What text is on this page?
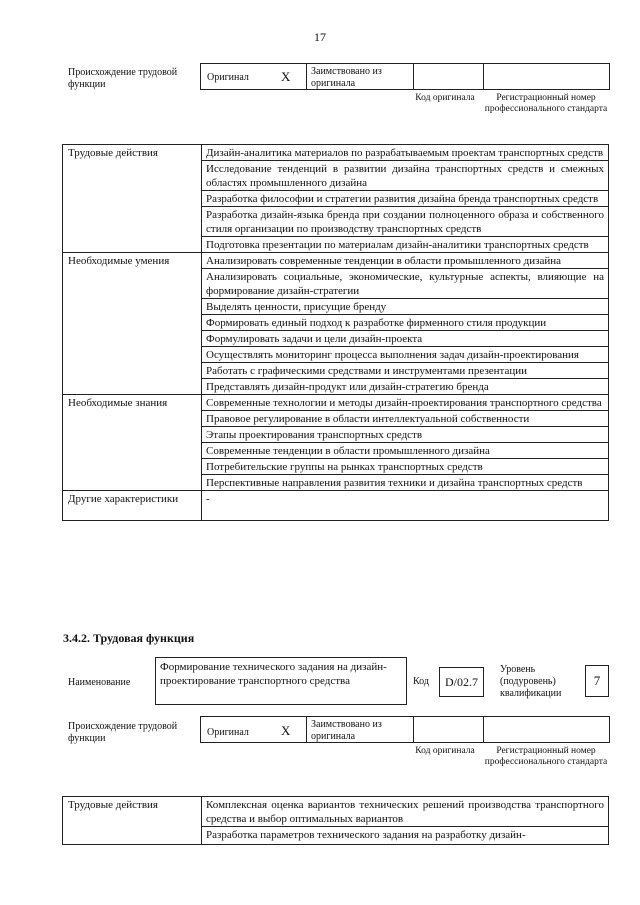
17
Происхождение трудовой функции
Оригинал X Заимствовано из оригинала
Код оригинала	Регистрационный номер профессионального стандарта
Трудовые действия	Дизайн-аналитика материалов по разрабатываемым проектам транспортных средств
	Исследование тенденций в развитии дизайна транспортных средств и смежных областях промышленного дизайна
	Разработка философии и стратегии развития дизайна бренда транспортных средств
	Разработка дизайн-языка бренда при создании полноценного образа и собственного стиля организации по производству транспортных средств
	Подготовка презентации по материалам дизайн-аналитики транспортных средств
Необходимые умения	Анализировать современные тенденции в области промышленного дизайна
	Анализировать социальные, экономические, культурные аспекты, влияющие на формирование дизайн-стратегии
	Выделять ценности, присущие бренду
	Формировать единый подход к разработке фирменного стиля продукции
	Формулировать задачи и цели дизайн-проекта
	Осуществлять мониторинг процесса выполнения задач дизайн-проектирования
	Работать с графическими средствами и инструментами презентации
	Представлять дизайн-продукт или дизайн-стратегию бренда
Необходимые знания	Современные технологии и методы дизайн-проектирования транспортного средства
	Правовое регулирование в области интеллектуальной собственности
	Этапы проектирования транспортных средств
	Современные тенденции в области промышленного дизайна
	Потребительские группы на рынках транспортных средств
	Перспективные направления развития техники и дизайна транспортных средств
Другие характеристики	-
3.4.2. Трудовая функция
Наименование
Формирование технического задания на дизайн-проектирование транспортного средства	Код	D/02.7
Уровень (подуровень) квалификации
7
Происхождение трудовой функции
Оригинал X Заимствовано из оригинала
Код оригинала	Регистрационный номер профессионального стандарта
Трудовые действия	Комплексная оценка вариантов технических решений производства транспортного средства и выбор оптимальных вариантов
Разработка параметров технического задания на разработку дизайн-
